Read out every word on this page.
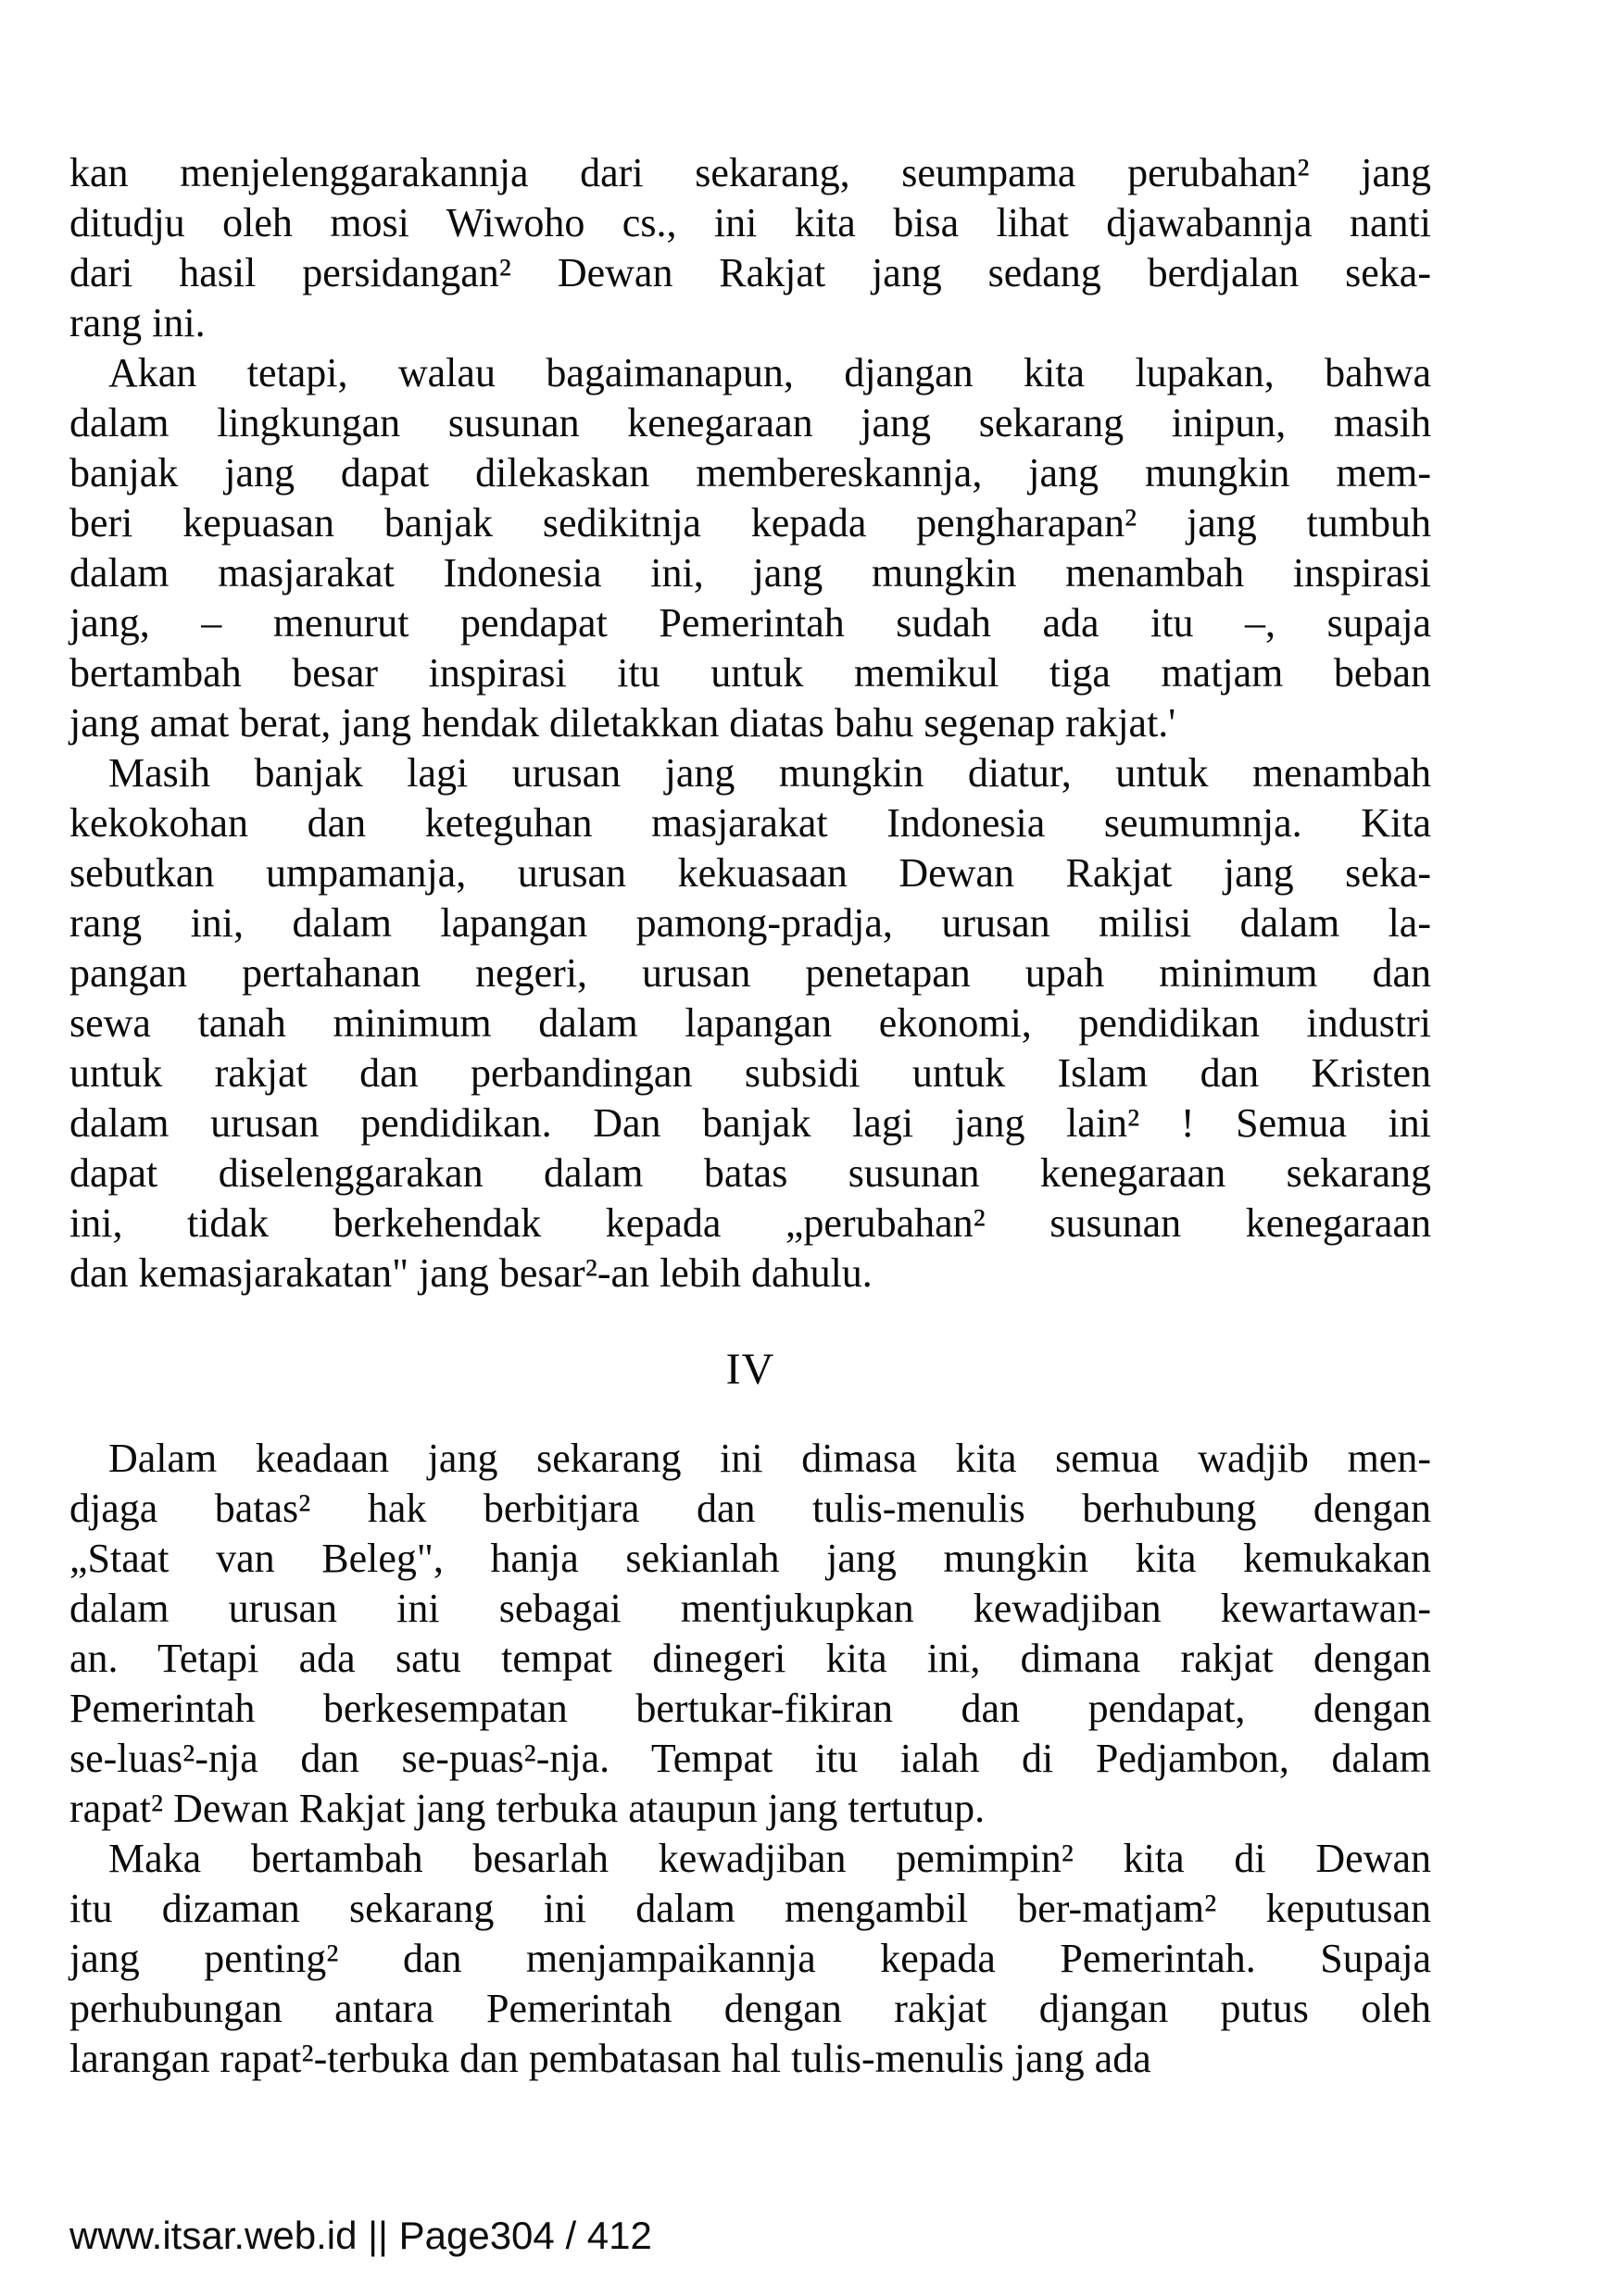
kan menjelenggarakannja dari sekarang, seumpama perubahan² jang
ditudju oleh mosi Wiwoho cs., ini kita bisa lihat djawabannja nanti
dari hasil persidangan² Dewan Rakjat jang sedang berdjalan seka-
rang ini.

Akan tetapi, walau bagaimanapun, djangan kita lupakan, bahwa
dalam lingkungan susunan kenegaraan jang sekarang inipun, masih
banjak jang dapat dilekaskan membereskannja, jang mungkin mem-
beri kepuasan banjak sedikitnja kepada pengharapan² jang tumbuh
dalam masjarakat Indonesia ini, jang mungkin menambah inspirasi
jang, – menurut pendapat Pemerintah sudah ada itu –, supaja
bertambah besar inspirasi itu untuk memikul tiga matjam beban
jang amat berat, jang hendak diletakkan diatas bahu segenap rakjat.'

Masih banjak lagi urusan jang mungkin diatur, untuk menambah
kekokohan dan keteguhan masjarakat Indonesia seumumnja. Kita
sebutkan umpamanja, urusan kekuasaan Dewan Rakjat jang seka-
rang ini, dalam lapangan pamong-pradja, urusan milisi dalam la-
pangan pertahanan negeri, urusan penetapan upah minimum dan
sewa tanah minimum dalam lapangan ekonomi, pendidikan industri
untuk rakjat dan perbandingan subsidi untuk Islam dan Kristen
dalam urusan pendidikan. Dan banjak lagi jang lain² ! Semua ini
dapat diselenggarakan dalam batas susunan kenegaraan sekarang
ini, tidak berkehendak kepada „perubahan² susunan kenegaraan
dan kemasjarakatan" jang besar²-an lebih dahulu.

IV

Dalam keadaan jang sekarang ini dimasa kita semua wadjib men-
djaga batas² hak berbitjara dan tulis-menulis berhubung dengan
„Staat van Beleg", hanja sekianlah jang mungkin kita kemukakan
dalam urusan ini sebagai mentjukupkan kewadjiban kewartawan-
an. Tetapi ada satu tempat dinegeri kita ini, dimana rakjat dengan
Pemerintah berkesempatan bertukar-fikiran dan pendapat, dengan
se-luas²-nja dan se-puas²-nja. Tempat itu ialah di Pedjambon, dalam
rapat² Dewan Rakjat jang terbuka ataupun jang tertutup.

Maka bertambah besarlah kewadjiban pemimpin² kita di Dewan
itu dizaman sekarang ini dalam mengambil ber-matjam² keputusan
jang penting² dan menjampaikannja kepada Pemerintah. Supaja
perhubungan antara Pemerintah dengan rakjat djangan putus oleh
larangan rapat²-terbuka dan pembatasan hal tulis-menulis jang ada

www.itsar.web.id || Page304 / 412
